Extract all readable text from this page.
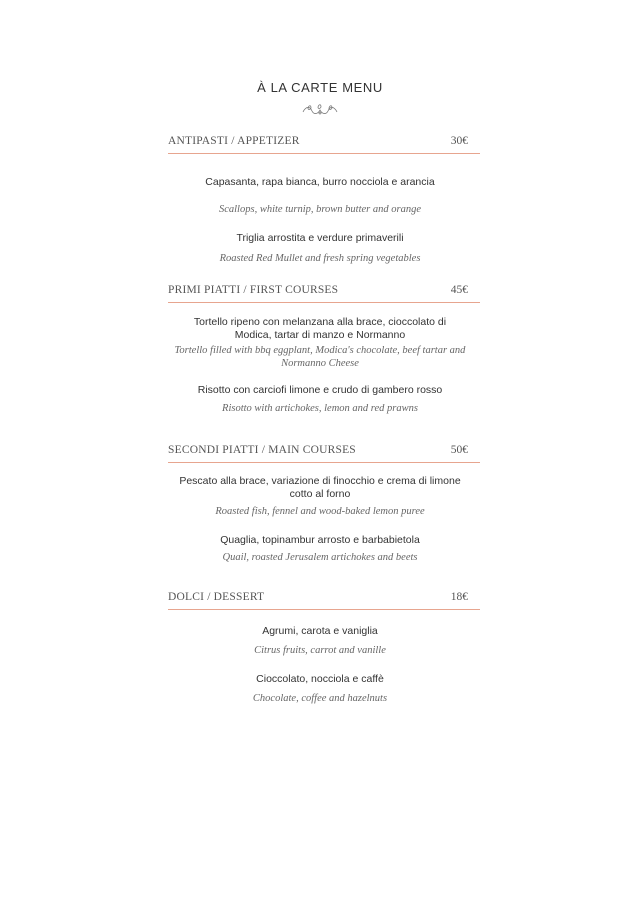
À LA CARTE MENU
ANTIPASTI / APPETIZER	30€
Capasanta, rapa bianca, burro nocciola e arancia
Scallops, white turnip, brown butter and orange
Triglia arrostita e verdure primaverili
Roasted Red Mullet and fresh spring vegetables
PRIMI PIATTI / FIRST COURSES	45€
Tortello ripeno con melanzana alla brace, cioccolato di Modica, tartar di manzo e Normanno
Tortello filled with bbq eggplant, Modica's chocolate, beef tartar and Normanno Cheese
Risotto con carciofi limone e crudo di gambero rosso
Risotto with artichokes, lemon and red prawns
SECONDI PIATTI / MAIN COURSES	50€
Pescato alla brace, variazione di finocchio e crema di limone cotto al forno
Roasted fish, fennel and wood-baked lemon puree
Quaglia, topinambur arrosto e barbabietola
Quail, roasted Jerusalem artichokes and beets
DOLCI / DESSERT	18€
Agrumi, carota e vaniglia
Citrus fruits, carrot and vanille
Cioccolato, nocciola e caffè
Chocolate, coffee and hazelnuts
